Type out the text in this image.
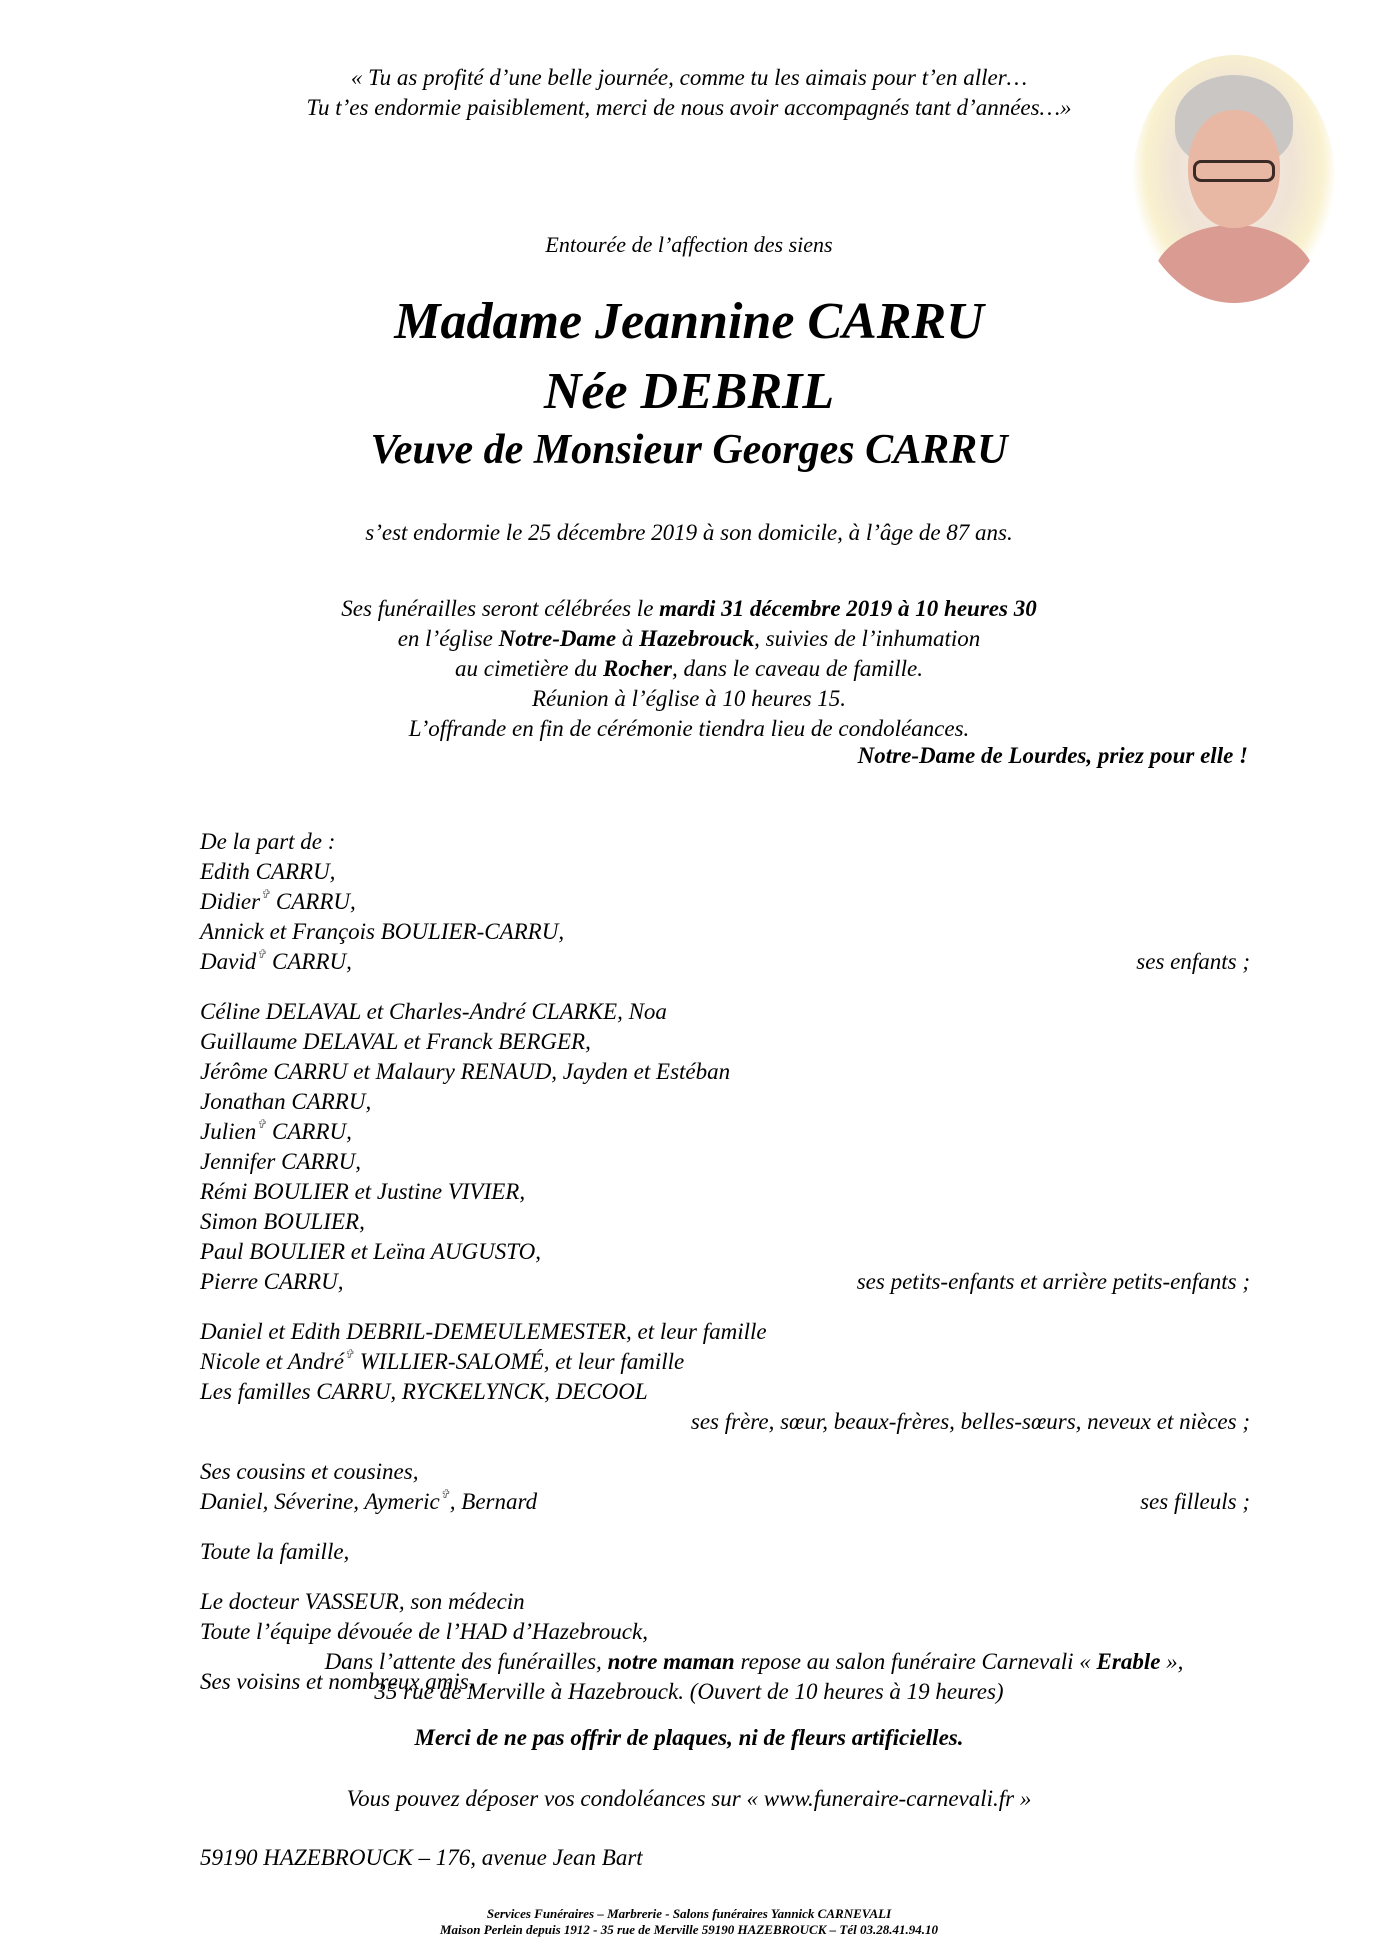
« Tu as profité d’une belle journée, comme tu les aimais pour t’en aller…
Tu t’es endormie paisiblement, merci de nous avoir accompagnés tant d’années…»
Entourée de l’affection des siens
Madame Jeannine CARRU
Née DEBRIL
Veuve de Monsieur Georges CARRU
s’est endormie le 25 décembre 2019 à son domicile, à l’âge de 87 ans.
Ses funérailles seront célébrées le mardi 31 décembre 2019 à 10 heures 30
en l’église Notre-Dame à Hazebrouck, suivies de l’inhumation
au cimetière du Rocher, dans le caveau de famille.
Réunion à l’église à 10 heures 15.
L’offrande en fin de cérémonie tiendra lieu de condoléances.
Notre-Dame de Lourdes, priez pour elle !
De la part de :
Edith CARRU,
Didier✞ CARRU,
Annick et François BOULIER-CARRU,
David✞ CARRU,	ses enfants ;
Céline DELAVAL et Charles-André CLARKE, Noa
Guillaume DELAVAL et Franck BERGER,
Jérôme CARRU et Malaury RENAUD, Jayden et Estéban
Jonathan CARRU,
Julien✞ CARRU,
Jennifer CARRU,
Rémi BOULIER et Justine VIVIER,
Simon BOULIER,
Paul BOULIER et Leïna AUGUSTO,
Pierre CARRU,	ses petits-enfants et arrière petits-enfants ;
Daniel et Edith DEBRIL-DEMEULEMESTER, et leur famille
Nicole et André✞ WILLIER-SALOMÉ, et leur famille
Les familles CARRU, RYCKELYNCK, DECOOL
ses frère, sœur, beaux-frères, belles-sœurs, neveux et nièces ;
Ses cousins et cousines,
Daniel, Séverine, Aymeric✞, Bernard	ses filleuls ;
Toute la famille,
Le docteur VASSEUR, son médecin
Toute l’équipe dévouée de l’HAD d’Hazebrouck,
Ses voisins et nombreux amis.
Dans l’attente des funérailles, notre maman repose au salon funéraire Carnevali « Erable »,
35 rue de Merville à Hazebrouck. (Ouvert de 10 heures à 19 heures)
Merci de ne pas offrir de plaques, ni de fleurs artificielles.
Vous pouvez déposer vos condoléances sur « www.funeraire-carnevali.fr »
59190 HAZEBROUCK – 176, avenue Jean Bart
Services Funéraires – Marbrerie - Salons funéraires Yannick CARNEVALI
Maison Perlein depuis 1912 - 35 rue de Merville 59190 HAZEBROUCK – Tél 03.28.41.94.10
